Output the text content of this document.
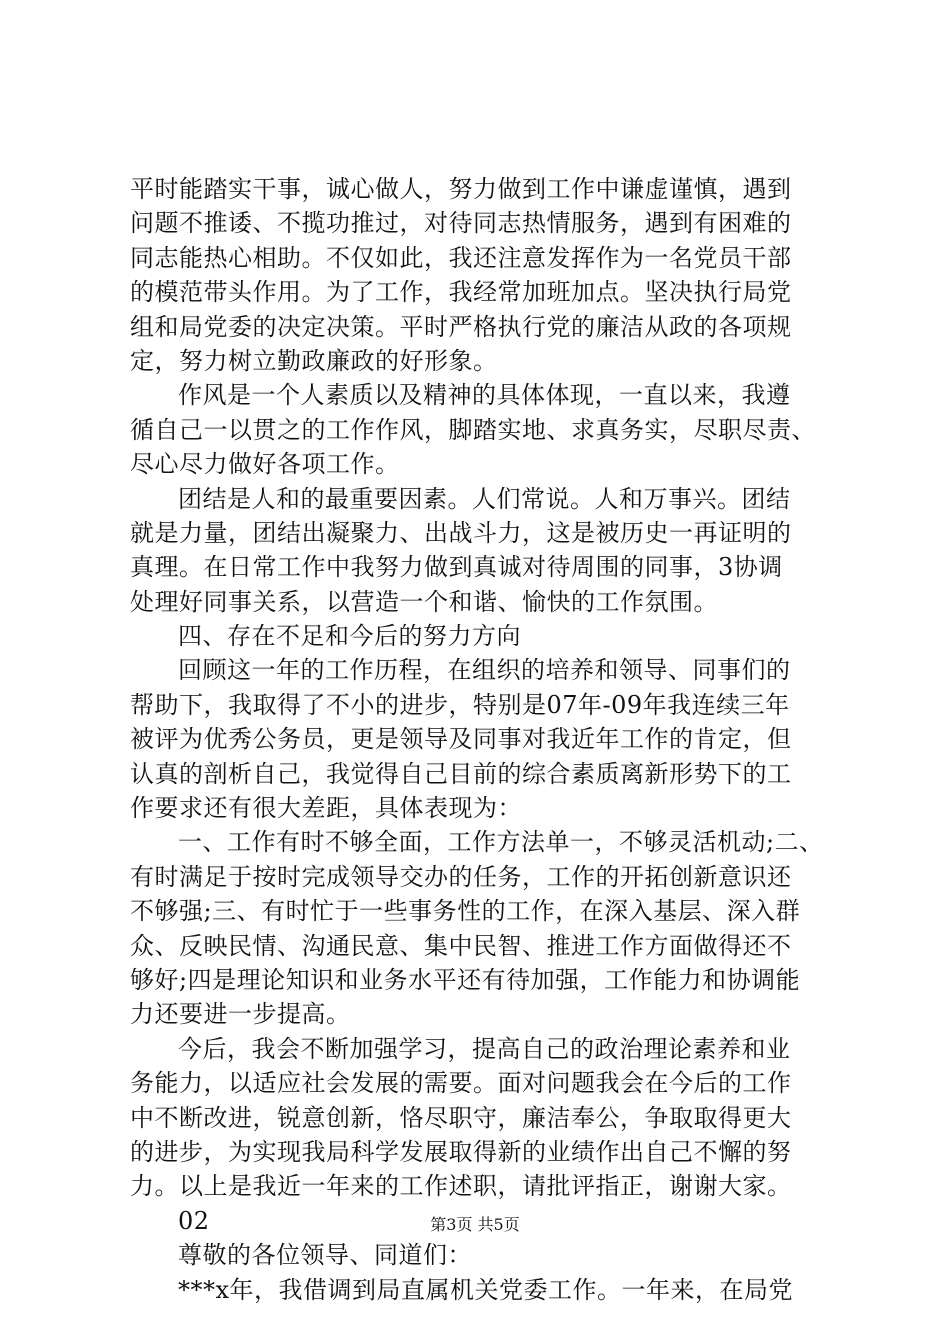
平时能踏实干事，诚心做人，努力做到工作中谦虚谨慎，遇到
问题不推诿、不揽功推过，对待同志热情服务，遇到有困难的
同志能热心相助。不仅如此，我还注意发挥作为一名党员干部
的模范带头作用。为了工作，我经常加班加点。坚决执行局党
组和局党委的决定决策。平时严格执行党的廉洁从政的各项规
定，努力树立勤政廉政的好形象。
作风是一个人素质以及精神的具体体现，一直以来，我遵
循自己一以贯之的工作作风，脚踏实地、求真务实，尽职尽责、
尽心尽力做好各项工作。
团结是人和的最重要因素。人们常说。人和万事兴。团结
就是力量，团结出凝聚力、出战斗力，这是被历史一再证明的
真理。在日常工作中我努力做到真诚对待周围的同事，3协调
处理好同事关系，以营造一个和谐、愉快的工作氛围。
四、存在不足和今后的努力方向
回顾这一年的工作历程，在组织的培养和领导、同事们的
帮助下，我取得了不小的进步，特别是07年-09年我连续三年
被评为优秀公务员，更是领导及同事对我近年工作的肯定，但
认真的剖析自己，我觉得自己目前的综合素质离新形势下的工
作要求还有很大差距，具体表现为：
一、工作有时不够全面，工作方法单一，不够灵活机动;二、
有时满足于按时完成领导交办的任务，工作的开拓创新意识还
不够强;三、有时忙于一些事务性的工作，在深入基层、深入群
众、反映民情、沟通民意、集中民智、推进工作方面做得还不
够好;四是理论知识和业务水平还有待加强，工作能力和协调能
力还要进一步提高。
今后，我会不断加强学习，提高自己的政治理论素养和业
务能力，以适应社会发展的需要。面对问题我会在今后的工作
中不断改进，锐意创新，恪尽职守，廉洁奉公，争取取得更大
的进步，为实现我局科学发展取得新的业绩作出自己不懈的努
力。以上是我近一年来的工作述职，请批评指正，谢谢大家。
02
尊敬的各位领导、同道们：
***x年，我借调到局直属机关党委工作。一年来，在局党
第3页 共5页
